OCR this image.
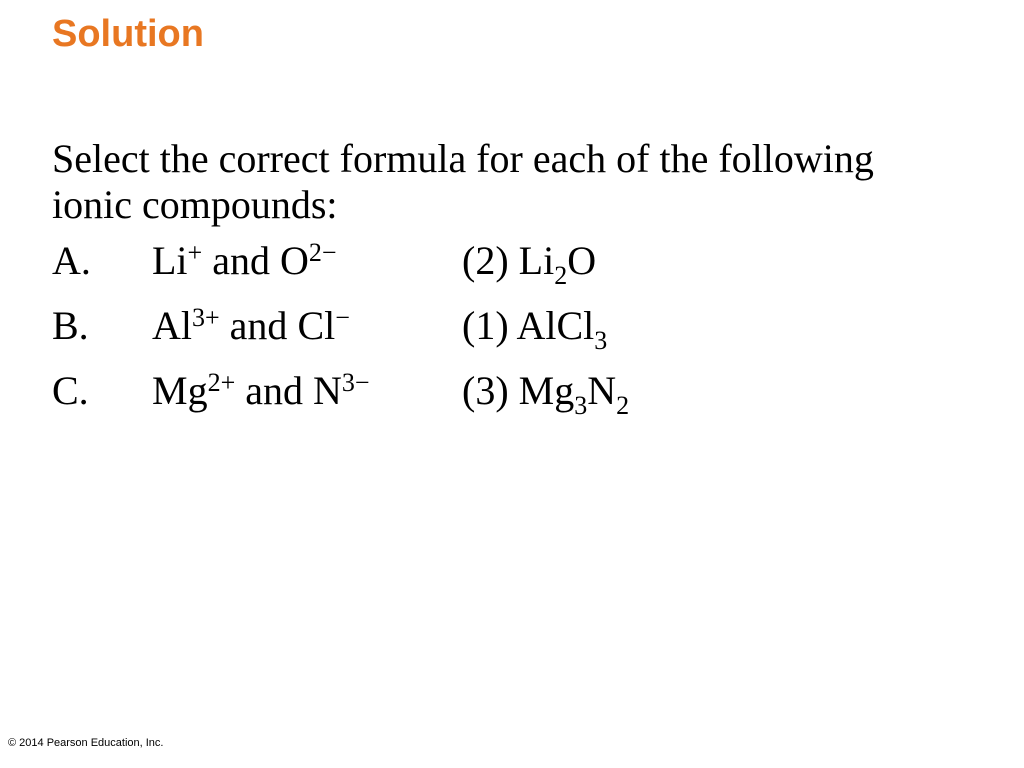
Solution
Select the correct formula for each of the following ionic compounds:
A. Li+ and $O^{2-}$	(2) $Li_2O$
B. $Al^{3+}$ and Cl−	(1) AlCl$_3$
C. $Mg^{2+}$ and $N^{3-}$ (3) $Mg_3N_2$
© 2014 Pearson Education, Inc.
